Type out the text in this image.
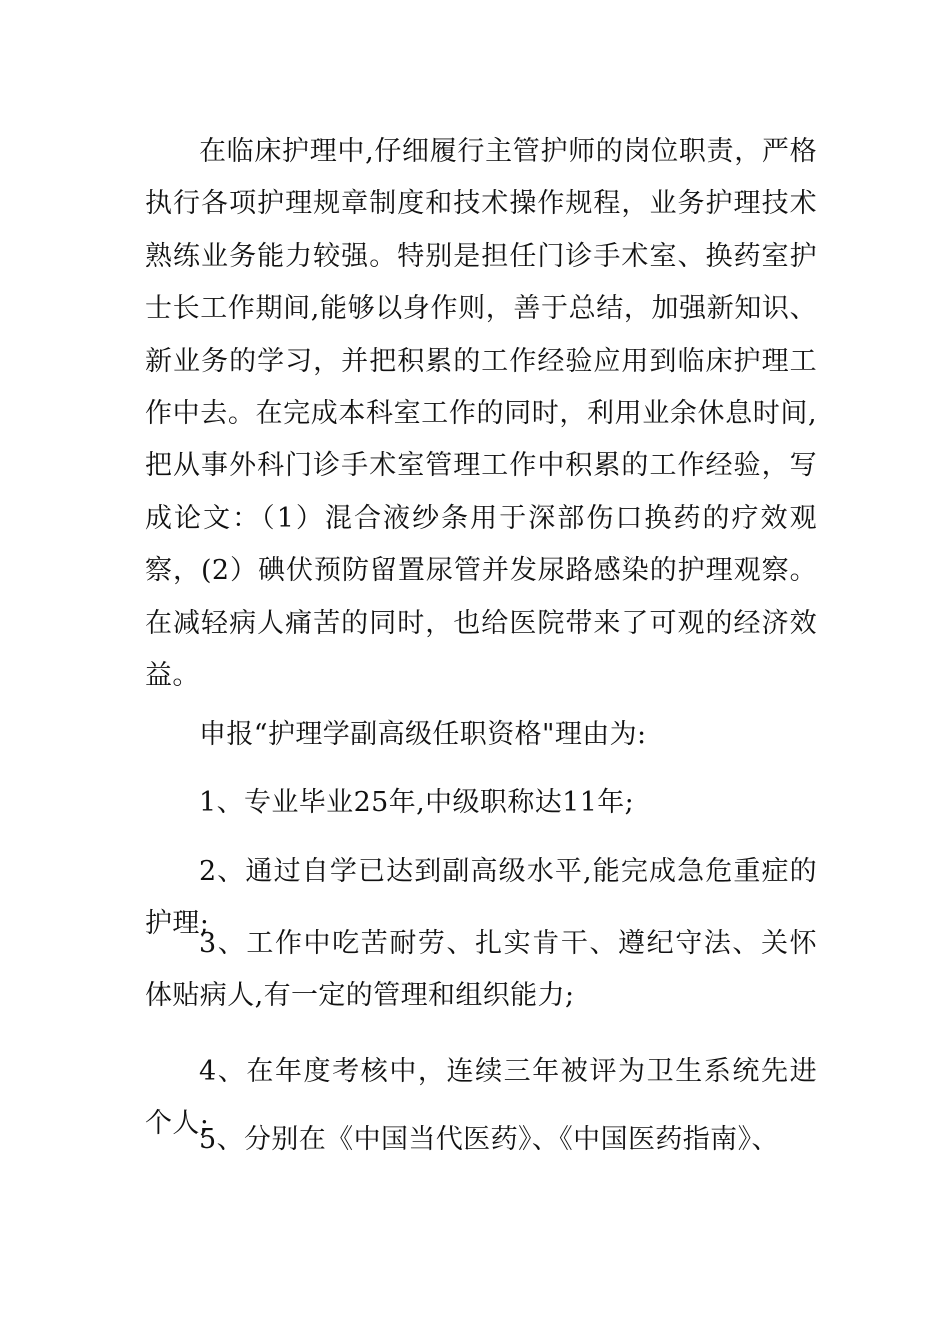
在临床护理中,仔细履行主管护师的岗位职责，严格执行各项护理规章制度和技术操作规程，业务护理技术熟练业务能力较强。特别是担任门诊手术室、换药室护士长工作期间,能够以身作则，善于总结，加强新知识、新业务的学习，并把积累的工作经验应用到临床护理工作中去。在完成本科室工作的同时，利用业余休息时间,把从事外科门诊手术室管理工作中积累的工作经验，写成论文：（1）混合液纱条用于深部伤口换药的疗效观察，(2）碘伏预防留置尿管并发尿路感染的护理观察。在减轻病人痛苦的同时，也给医院带来了可观的经济效益。

申报“护理学副高级任职资格"理由为:

1、专业毕业25年,中级职称达11年;

2、通过自学已达到副高级水平,能完成急危重症的护理;

3、工作中吃苦耐劳、扎实肯干、遵纪守法、关怀体贴病人,有一定的管理和组织能力;

4、在年度考核中，连续三年被评为卫生系统先进个人;

5、分别在《中国当代医药》、《中国医药指南》、
